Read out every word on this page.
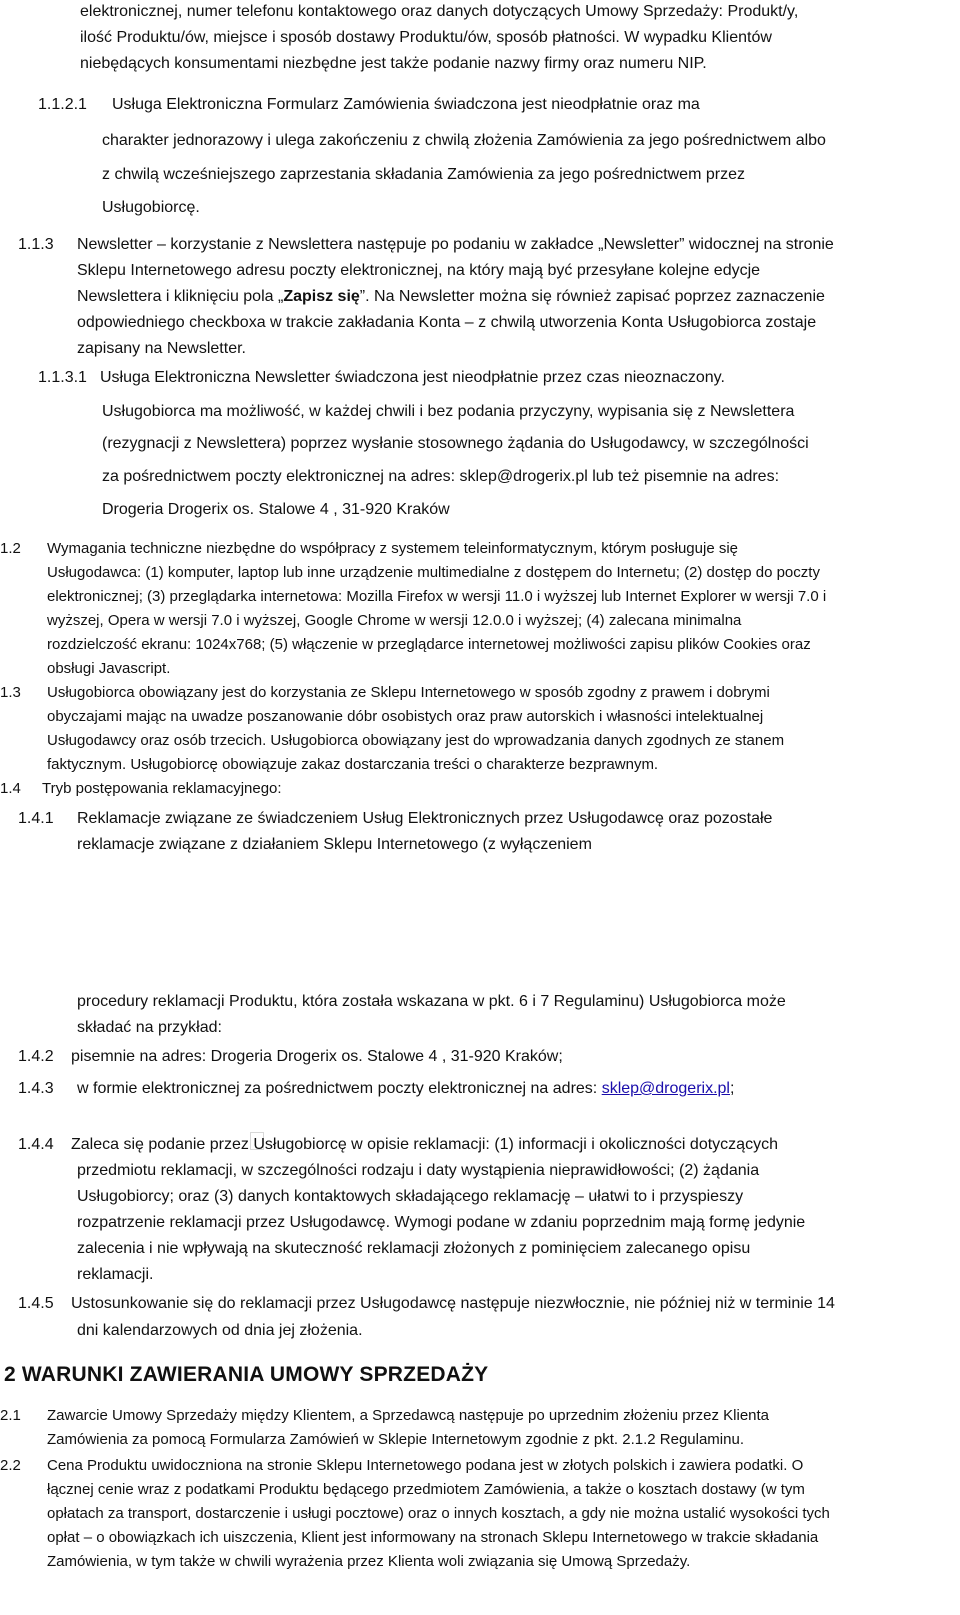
elektronicznej, numer telefonu kontaktowego oraz danych dotyczących Umowy Sprzedaży: Produkt/y,
ilość Produktu/ów, miejsce i sposób dostawy Produktu/ów, sposób płatności. W wypadku Klientów
niebędących konsumentami niezbędne jest także podanie nazwy firmy oraz numeru NIP.
1.1.2.1 Usługa Elektroniczna Formularz Zamówienia świadczona jest nieodpłatnie oraz ma
charakter jednorazowy i ulega zakończeniu z chwilą złożenia Zamówienia za jego pośrednictwem albo
z chwilą wcześniejszego zaprzestania składania Zamówienia za jego pośrednictwem przez
Usługobiorcę.
1.1.3 Newsletter – korzystanie z Newslettera następuje po podaniu w zakładce „Newsletter” widocznej na stronie
Sklepu Internetowego adresu poczty elektronicznej, na który mają być przesyłane kolejne edycje
Newslettera i kliknięciu pola „Zapisz się”. Na Newsletter można się również zapisać poprzez zaznaczenie
odpowiedniego checkboxa w trakcie zakładania Konta – z chwilą utworzenia Konta Usługobiorca zostaje
zapisany na Newsletter.
1.1.3.1 Usługa Elektroniczna Newsletter świadczona jest nieodpłatnie przez czas nieoznaczony.
Usługobiorca ma możliwość, w każdej chwili i bez podania przyczyny, wypisania się z Newslettera
(rezygnacji z Newslettera) poprzez wysłanie stosownego żądania do Usługodawcy, w szczególności
za pośrednictwem poczty elektronicznej na adres: sklep@drogerix.pl lub też pisemnie na adres:
Drogeria Drogerix os. Stalowe 4 , 31-920 Kraków
1.2 Wymagania techniczne niezbędne do współpracy z systemem teleinformatycznym, którym posługuje się
Usługodawca: (1) komputer, laptop lub inne urządzenie multimedialne z dostępem do Internetu; (2) dostęp do poczty
elektronicznej; (3) przeglądarka internetowa: Mozilla Firefox w wersji 11.0 i wyższej lub Internet Explorer w wersji 7.0 i
wyższej, Opera w wersji 7.0 i wyższej, Google Chrome w wersji 12.0.0 i wyższej; (4) zalecana minimalna
rozdzielczość ekranu: 1024x768; (5) włączenie w przeglądarce internetowej możliwości zapisu plików Cookies oraz
obsługi Javascript.
1.3 Usługobiorca obowiązany jest do korzystania ze Sklepu Internetowego w sposób zgodny z prawem i dobrymi
obyczajami mając na uwadze poszanowanie dóbr osobistych oraz praw autorskich i własności intelektualnej
Usługodawcy oraz osób trzecich. Usługobiorca obowiązany jest do wprowadzania danych zgodnych ze stanem
faktycznym. Usługobiorcę obowiązuje zakaz dostarczania treści o charakterze bezprawnym.
1.4 Tryb postępowania reklamacyjnego:
1.4.1 Reklamacje związane ze świadczeniem Usług Elektronicznych przez Usługodawcę oraz pozostałe
reklamacje związane z działaniem Sklepu Internetowego (z wyłączeniem
procedury reklamacji Produktu, która została wskazana w pkt. 6 i 7 Regulaminu) Usługobiorca może
składać na przykład:
1.4.2 pisemnie na adres: Drogeria Drogerix os. Stalowe 4 , 31-920 Kraków;
1.4.3 w formie elektronicznej za pośrednictwem poczty elektronicznej na adres: sklep@drogerix.pl;
1.4.4 Zaleca się podanie przez Usługobiorcę w opisie reklamacji: (1) informacji i okoliczności dotyczących
przedmiotu reklamacji, w szczególności rodzaju i daty wystąpienia nieprawidłowości; (2) żądania
Usługobiorcy; oraz (3) danych kontaktowych składającego reklamację – ułatwi to i przyspieszy
rozpatrzenie reklamacji przez Usługodawcę. Wymogi podane w zdaniu poprzednim mają formę jedynie
zalecenia i nie wpływają na skuteczność reklamacji złożonych z pominięciem zalecanego opisu
reklamacji.
1.4.5 Ustosunkowanie się do reklamacji przez Usługodawcę następuje niezwłocznie, nie później niż w terminie 14
dni kalendarzowych od dnia jej złożenia.
2 WARUNKI ZAWIERANIA UMOWY SPRZEDAŻY
2.1 Zawarcie Umowy Sprzedaży między Klientem, a Sprzedawcą następuje po uprzednim złożeniu przez Klienta
Zamówienia za pomocą Formularza Zamówień w Sklepie Internetowym zgodnie z pkt. 2.1.2 Regulaminu.
2.2 Cena Produktu uwidoczniona na stronie Sklepu Internetowego podana jest w złotych polskich i zawiera podatki. O
łącznej cenie wraz z podatkami Produktu będącego przedmiotem Zamówienia, a także o kosztach dostawy (w tym
opłatach za transport, dostarczenie i usługi pocztowe) oraz o innych kosztach, a gdy nie można ustalić wysokości tych
opłat – o obowiązkach ich uiszczenia, Klient jest informowany na stronach Sklepu Internetowego w trakcie składania
Zamówienia, w tym także w chwili wyrażenia przez Klienta woli związania się Umową Sprzedaży.
